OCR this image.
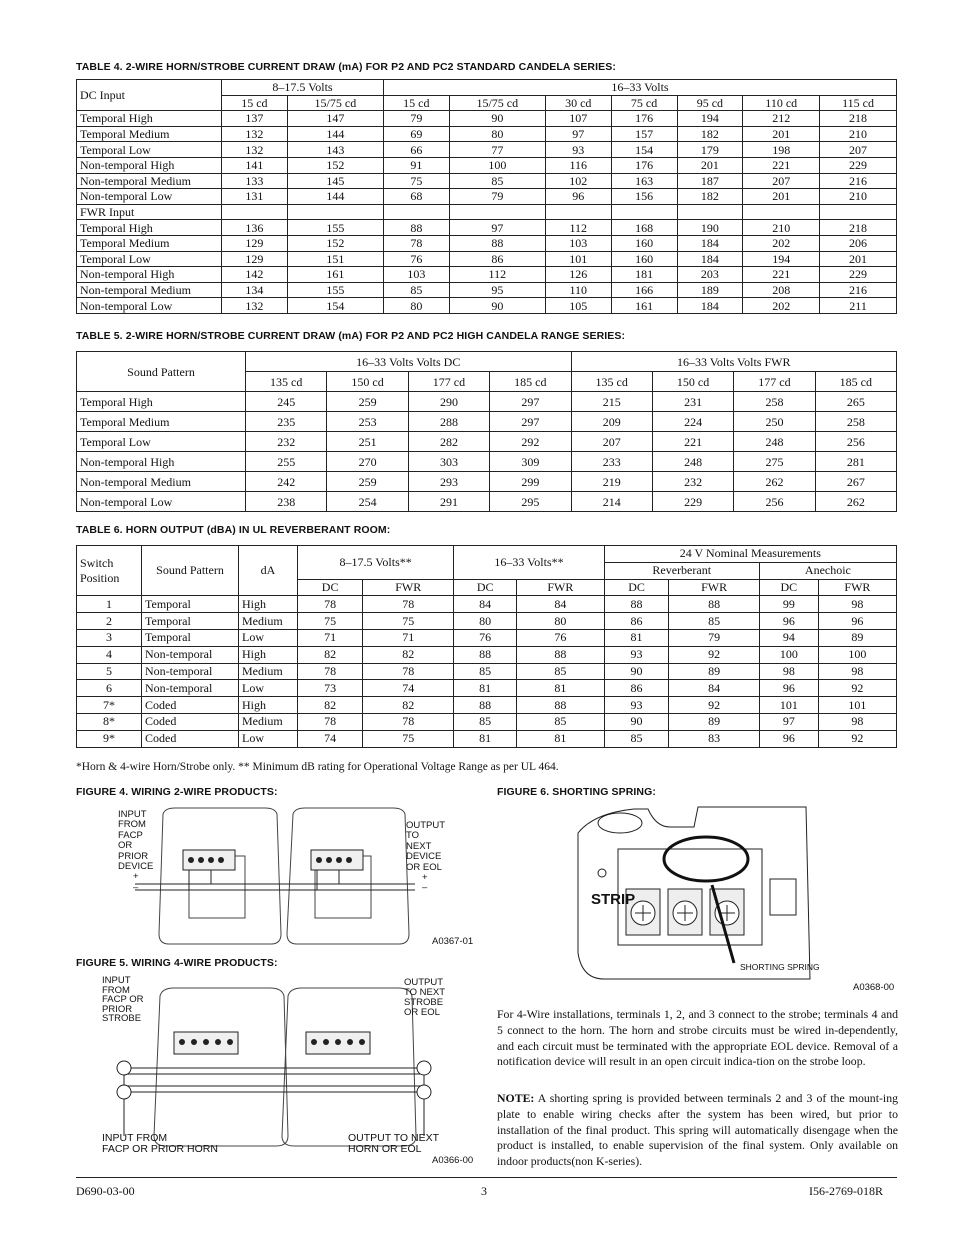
TABLE 4. 2-WIRE HORN/STROBE CURRENT DRAW (mA) FOR P2 AND PC2 STANDARD CANDELA SERIES:
DC Input	8–17.5 Volts		16–33 Volts						
	15 cd	15/75 cd	15 cd	15/75 cd	30 cd	75 cd	95 cd	110 cd	115 cd
Temporal High	137	147	79	90	107	176	194	212	218
Temporal Medium	132	144	69	80	97	157	182	201	210
Temporal Low	132	143	66	77	93	154	179	198	207
Non-temporal High	141	152	91	100	116	176	201	221	229
Non-temporal Medium	133	145	75	85	102	163	187	207	216
Non-temporal Low	131	144	68	79	96	156	182	201	210
FWR Input									
Temporal High	136	155	88	97	112	168	190	210	218
Temporal Medium	129	152	78	88	103	160	184	202	206
Temporal Low	129	151	76	86	101	160	184	194	201
Non-temporal High	142	161	103	112	126	181	203	221	229
Non-temporal Medium	134	155	85	95	110	166	189	208	216
Non-temporal Low	132	154	80	90	105	161	184	202	211
TABLE 5. 2-WIRE HORN/STROBE CURRENT DRAW (mA) FOR P2 AND PC2 HIGH CANDELA RANGE SERIES:
Sound Pattern	16–33 Volts Volts DC				16–33 Volts Volts FWR			
	135 cd	150 cd	177 cd	185 cd	135 cd	150 cd	177 cd	185 cd
Temporal High	245	259	290	297	215	231	258	265
Temporal Medium	235	253	288	297	209	224	250	258
Temporal Low	232	251	282	292	207	221	248	256
Non-temporal High	255	270	303	309	233	248	275	281
Non-temporal Medium	242	259	293	299	219	232	262	267
Non-temporal Low	238	254	291	295	214	229	256	262
TABLE 6. HORN OUTPUT (dBA) IN UL REVERBERANT ROOM:
Switch Position	Sound Pattern	dA	8–17.5 Volts**		16–33 Volts**		24 V Nominal Measurements			
							Reverberant		Anechoic	
			DC	FWR	DC	FWR	DC	FWR	DC	FWR
1	Temporal	High	78	78	84	84	88	88	99	98
2	Temporal	Medium	75	75	80	80	86	85	96	96
3	Temporal	Low	71	71	76	76	81	79	94	89
4	Non-temporal	High	82	82	88	88	93	92	100	100
5	Non-temporal	Medium	78	78	85	85	90	89	98	98
6	Non-temporal	Low	73	74	81	81	86	84	96	92
7*	Coded	High	82	82	88	88	93	92	101	101
8*	Coded	Medium	78	78	85	85	90	89	97	98
9*	Coded	Low	74	75	81	81	85	83	96	92
*Horn & 4-wire Horn/Strobe only. ** Minimum dB rating for Operational Voltage Range as per UL 464.
FIGURE 4. WIRING 2-WIRE PRODUCTS:
INPUT
FROM
FACP
OR
PRIOR
DEVICE
+
–
OUTPUT
TO
NEXT
DEVICE
OR EOL
+
–
A0367-01
FIGURE 5. WIRING 4-WIRE PRODUCTS:
INPUT
FROM
FACP OR
PRIOR
STROBE
OUTPUT
TO NEXT
STROBE
OR EOL
INPUT FROM
FACP OR PRIOR HORN
OUTPUT TO NEXT
HORN OR EOL
A0366-00
FIGURE 6. SHORTING SPRING:
STRIP
SHORTING SPRING
A0368-00
For 4-Wire installations, terminals 1, 2, and 3 connect to the strobe; terminals 4 and 5 connect to the horn. The horn and strobe circuits must be wired in-dependently, and each circuit must be terminated with the appropriate EOL device. Removal of a notification device will result in an open circuit indica-tion on the strobe loop.
NOTE: A shorting spring is provided between terminals 2 and 3 of the mount-ing plate to enable wiring checks after the system has been wired, but prior to installation of the final product. This spring will automatically disengage when the product is installed, to enable supervision of the final system. Only available on indoor products(non K-series).
D690-03-00	3	I56-2769-018R
